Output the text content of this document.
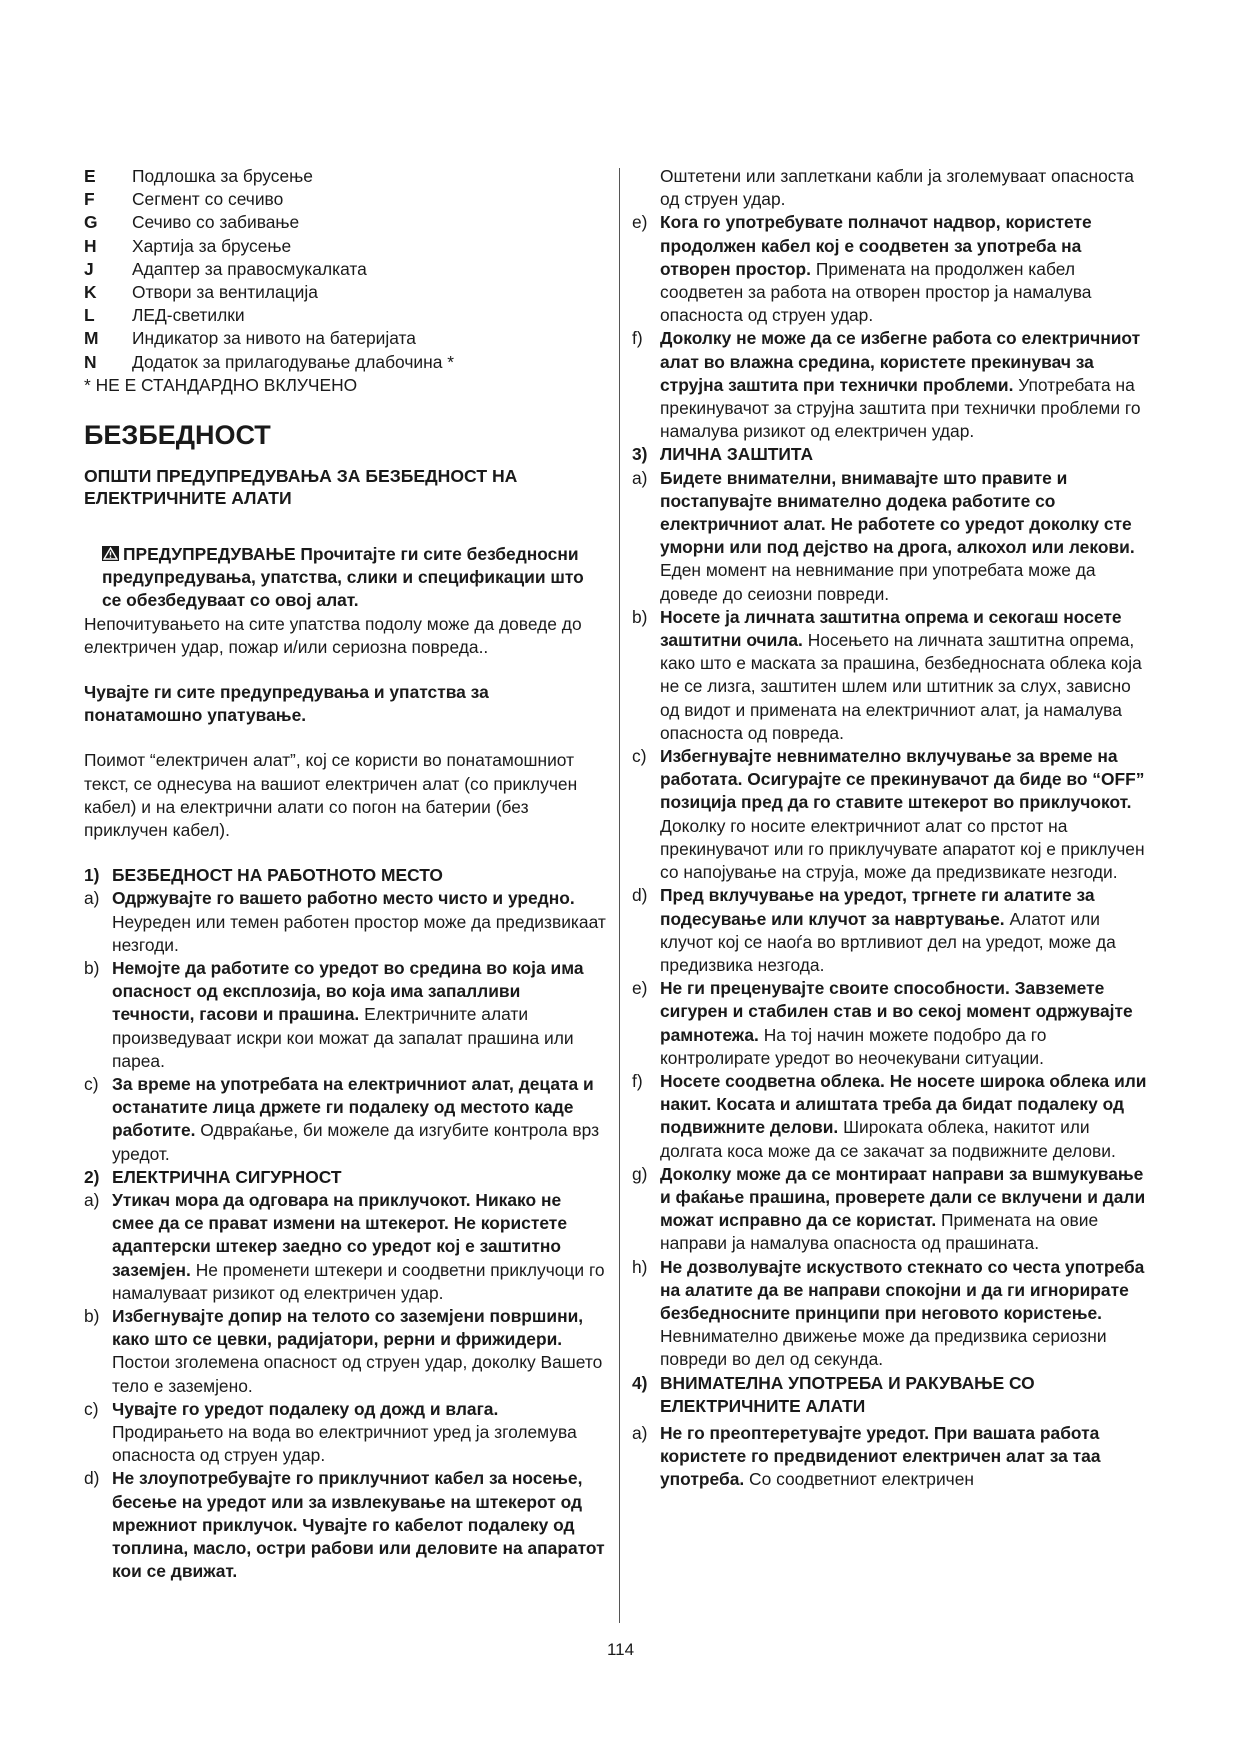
E	Подлошка за брусење
F	Сегмент со сечиво
G	Сечиво со забивање
H	Хартија за брусење
J	Адаптер за правосмукалката
K	Отвори за вентилација
L	ЛЕД-светилки
M	Индикатор за нивото на батеријата
N	Додаток за прилагодување длабочина *
* НЕ Е СТАНДАРДНО ВКЛУЧЕНО
БЕЗБЕДНОСТ
ОПШТИ ПРЕДУПРЕДУВАЊА ЗА БЕЗБЕДНОСТ НА ЕЛЕКТРИЧНИТЕ АЛАТИ
ПРЕДУПРЕДУВАЊЕ Прочитајте ги сите безбедносни предупредувања, упатства, слики и спецификации што се обезбедуваат со овој алат.
Непочитувањето на сите упатства подолу може да доведе до електричен удар, пожар и/или сериозна повреда..
Чувајте ги сите предупредувања и упатства за понатамошно упатување.
Поимот “електричен алат”, кој се користи во понатамошниот текст, се однесува на вашиот електричен алат (со приклучен кабел) и на електрични алати со погон на батерии (без приклучен кабел).
1) БЕЗБЕДНОСТ НА РАБОТНОТО МЕСТО
a) Одржувајте го вашето работно место чисто и уредно. Неуреден или темен работен простор може да предизвикаат незгоди.
b) Немојте да работите со уредот во средина во која има опасност од експлозија, во која има запалливи течности, гасови и прашина. Електричните алати произведуваат искри кои можат да запалат прашина или пареа.
c) За време на употребата на електричниот алат, децата и останатите лица држете ги подалеку од местото каде работите. Одвраќање, би можеле да изгубите контрола врз уредот.
2) ЕЛЕКТРИЧНА СИГУРНОСТ
a) Утикач мора да одговара на приклучокот. Никако не смее да се прават измени на штекерот. Не користете адаптерски штекер заедно со уредот кој е заштитно заземјен. Не променети штекери и соодветни приклучоци го намалуваат ризикот од електричен удар.
b) Избегнувајте допир на телото со заземјени површини, како што се цевки, радијатори, рерни и фрижидери. Постои зголемена опасност од струен удар, доколку Вашето тело е заземјено.
c) Чувајте го уредот подалеку од дожд и влага. Продирањето на вода во електричниот уред ја зголемува опасноста од струен удар.
d) Не злоупотребувајте го приклучниот кабел за носење, бесење на уредот или за извлекување на штекерот од мрежниот приклучок. Чувајте го кабелот подалеку од топлина, масло, остри рабови или деловите на апаратот кои се движат.
Оштетени или заплеткани кабли ја зголемуваат опасноста од струен удар.
e) Кога го употребувате полначот надвор, користете продолжен кабел кој е соодветен за употреба на отворен простор. Примената на продолжен кабел соодветен за работа на отворен простор ја намалува опасноста од струен удар.
f) Доколку не може да се избегне работа со електричниот алат во влажна средина, користете прекинувач за струјна заштита при технички проблеми. Употребата на прекинувачот за струјна заштита при технички проблеми го намалува ризикот од електричен удар.
3) ЛИЧНА ЗАШТИТА
a) Бидете внимателни, внимавајте што правите и постапувајте внимателно додека работите со електричниот алат. Не работете со уредот доколку сте уморни или под дејство на дрога, алкохол или лекови. Еден момент на невнимание при употребата може да доведе до сеиозни повреди.
b) Носете ја личната заштитна опрема и секогаш носете заштитни очила. Носењето на личната заштитна опрема, како што е маската за прашина, безбедносната облека која не се лизга, заштитен шлем или штитник за слух, зависно од видот и примената на електричниот алат, ја намалува опасноста од повреда.
c) Избегнувајте невнимателно вклучување за време на работата. Осигурајте се прекинувачот да биде во “OFF” позиција пред да го ставите штекерот во приклучокот. Доколку го носите електричниот алат со прстот на прекинувачот или го приклучувате апаратот кој е приклучен со напојување на струја, може да предизвикате незгоди.
d) Пред вклучување на уредот, тргнете ги алатите за подесување или клучот за навртување. Алатот или клучот кој се наоѓа во вртливиот дел на уредот, може да предизвика незгода.
e) Не ги преценувајте своите способности. Завземете сигурен и стабилен став и во секој момент одржувајте рамнотежа. На тој начин можете подобро да го контролирате уредот во неочекувани ситуации.
f) Носете соодветна облека. Не носете широка облека или накит. Косата и алиштата треба да бидат подалеку од подвижните делови. Широката облека, накитот или долгата коса може да се закачат за подвижните делови.
g) Доколку може да се монтираат направи за вшмукување и фаќање прашина, проверете дали се вклучени и дали можат исправно да се користат. Примената на овие направи ја намалува опасноста од прашината.
h) Не дозволувајте искуството стекнато со честа употреба на алатите да ве направи спокојни и да ги игнорирате безбедносните принципи при неговото користење. Невнимателно движење може да предизвика сериозни повреди во дел од секунда.
4) ВНИМАТЕЛНА УПОТРЕБА И РАКУВАЊЕ СО ЕЛЕКТРИЧНИТЕ АЛАТИ
a) Не го преоптеретувајте уредот. При вашата работа користете го предвидениот електричен алат за таа употреба. Со соодветниот електричен
114
